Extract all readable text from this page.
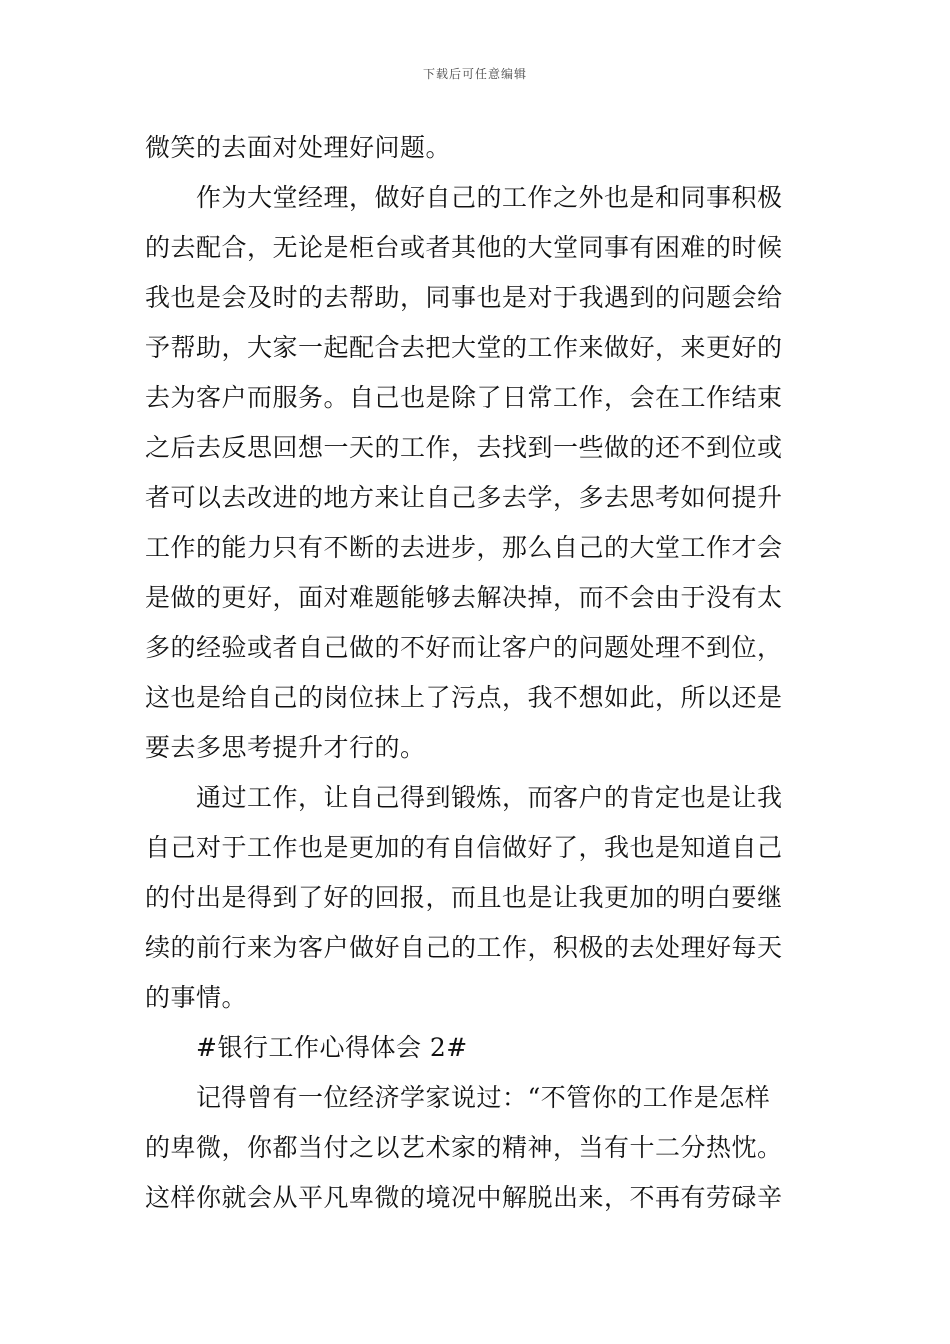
下载后可任意编辑
微笑的去面对处理好问题。
作为大堂经理，做好自己的工作之外也是和同事积极
的去配合，无论是柜台或者其他的大堂同事有困难的时候
我也是会及时的去帮助，同事也是对于我遇到的问题会给
予帮助，大家一起配合去把大堂的工作来做好，来更好的
去为客户而服务。自己也是除了日常工作，会在工作结束
之后去反思回想一天的工作，去找到一些做的还不到位或
者可以去改进的地方来让自己多去学，多去思考如何提升
工作的能力只有不断的去进步，那么自己的大堂工作才会
是做的更好，面对难题能够去解决掉，而不会由于没有太
多的经验或者自己做的不好而让客户的问题处理不到位，
这也是给自己的岗位抹上了污点，我不想如此，所以还是
要去多思考提升才行的。
通过工作，让自己得到锻炼，而客户的肯定也是让我
自己对于工作也是更加的有自信做好了，我也是知道自己
的付出是得到了好的回报，而且也是让我更加的明白要继
续的前行来为客户做好自己的工作，积极的去处理好每天
的事情。
#银行工作心得体会 2#
记得曾有一位经济学家说过：“不管你的工作是怎样
的卑微，你都当付之以艺术家的精神，当有十二分热忱。
这样你就会从平凡卑微的境况中解脱出来，不再有劳碌辛
